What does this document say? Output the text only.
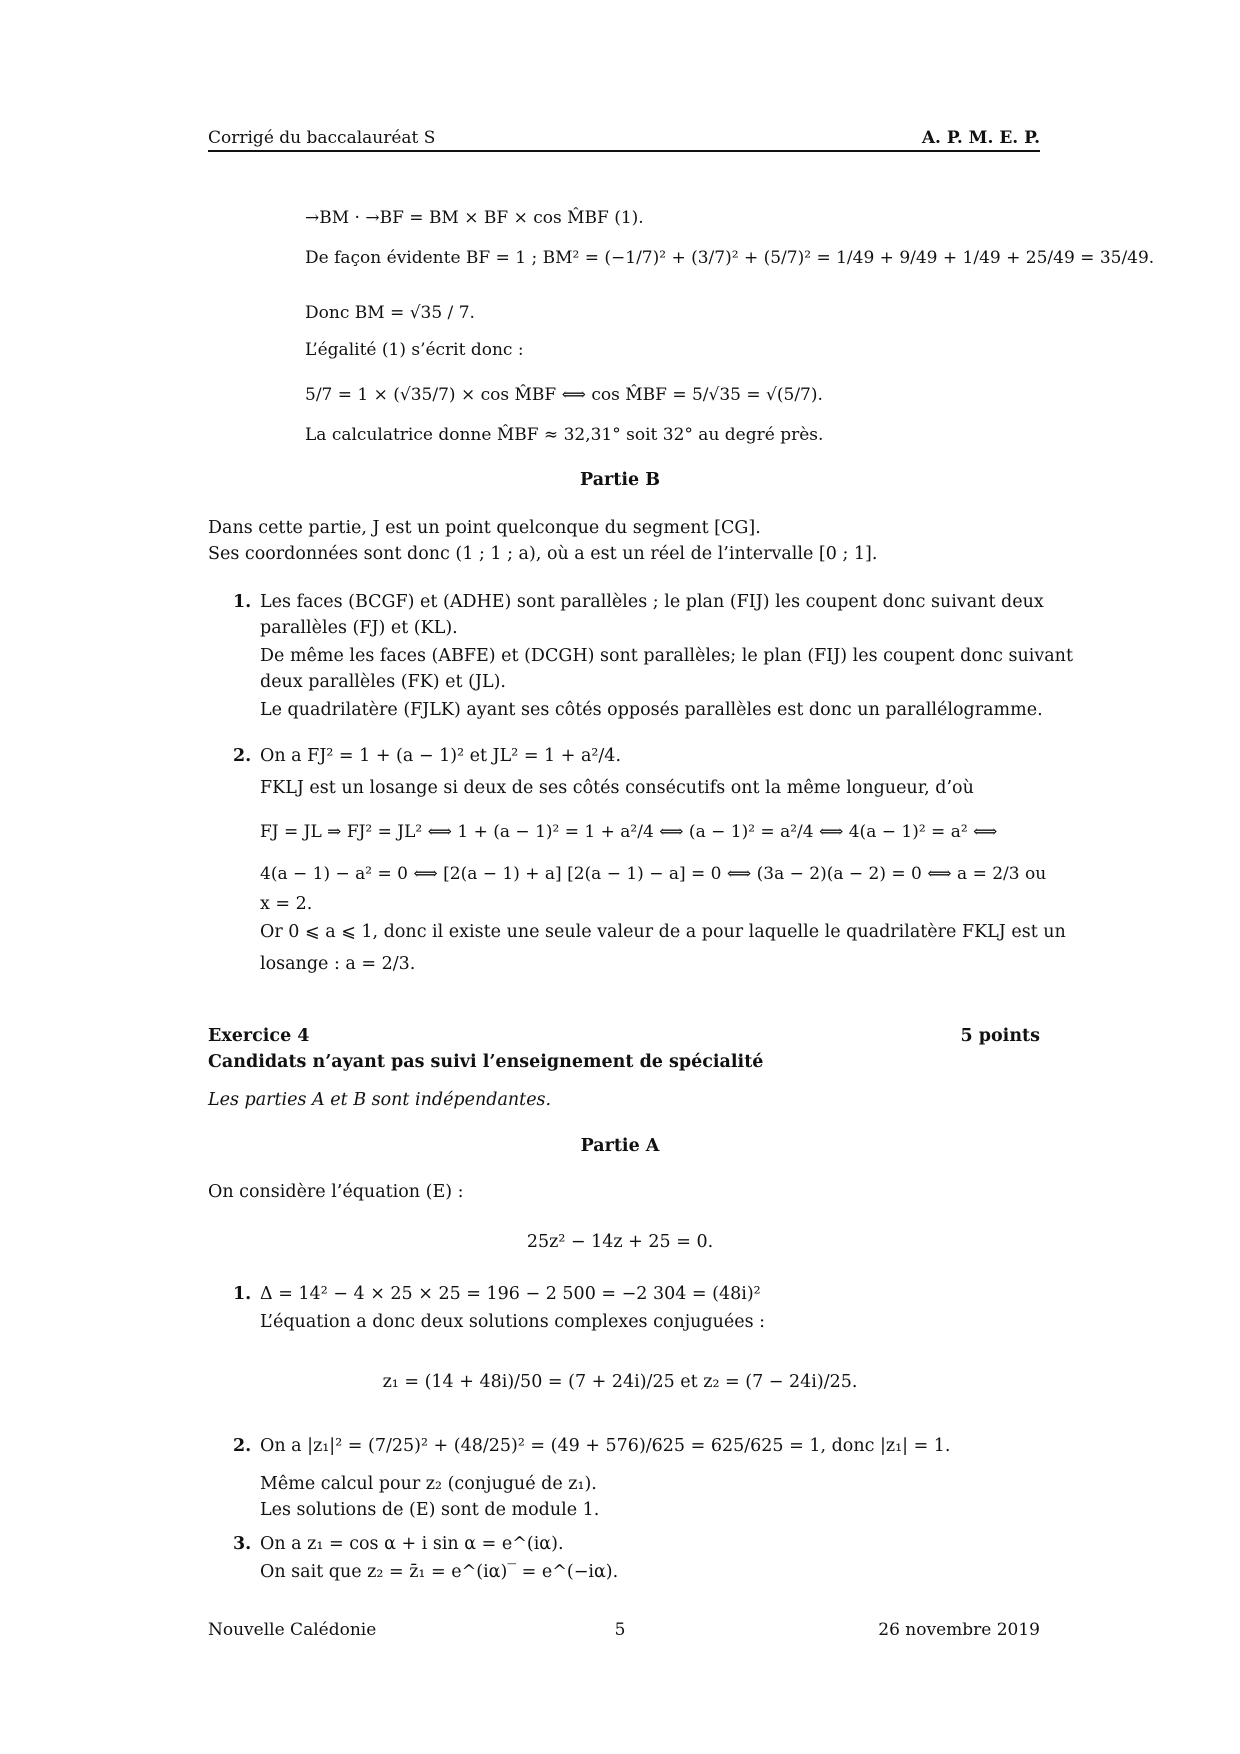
Corrigé du baccalauréat S	A. P. M. E. P.
→BM · →BF = BM × BF × cos M̂BF (1).
De façon évidente BF = 1 ; BM² = (−1/7)² + (3/7)² + (5/7)² = 1/49 + 9/49 + 1/49 + 25/49 = 35/49.
Donc BM = √35 / 7.
L’égalité (1) s’écrit donc :
5/7 = 1 × (√35/7) × cos M̂BF ⟺ cos M̂BF = 5/√35 = √(5/7).
La calculatrice donne M̂BF ≈ 32,31° soit 32° au degré près.
Partie B
Dans cette partie, J est un point quelconque du segment [CG].
Ses coordonnées sont donc (1 ; 1 ; a), où a est un réel de l’intervalle [0 ; 1].
1. Les faces (BCGF) et (ADHE) sont parallèles ; le plan (FIJ) les coupent donc suivant deux
parallèles (FJ) et (KL).
De même les faces (ABFE) et (DCGH) sont parallèles; le plan (FIJ) les coupent donc suivant
deux parallèles (FK) et (JL).
Le quadrilatère (FJLK) ayant ses côtés opposés parallèles est donc un parallélogramme.
2. On a FJ² = 1 + (a − 1)² et JL² = 1 + a²/4.
FKLJ est un losange si deux de ses côtés consécutifs ont la même longueur, d’où
FJ = JL ⇒ FJ² = JL² ⟺ 1 + (a − 1)² = 1 + a²/4 ⟺ (a − 1)² = a²/4 ⟺ 4(a − 1)² = a² ⟺
4(a − 1) − a² = 0 ⟺ [2(a − 1) + a] [2(a − 1) − a] = 0 ⟺ (3a − 2)(a − 2) = 0 ⟺ a = 2/3 ou
x = 2.
Or 0 ⩽ a ⩽ 1, donc il existe une seule valeur de a pour laquelle le quadrilatère FKLJ est un
losange : a = 2/3.
Exercice 4	5 points
Candidats n’ayant pas suivi l’enseignement de spécialité
Les parties A et B sont indépendantes.
Partie A
On considère l’équation (E) :
25z² − 14z + 25 = 0.
1. Δ = 14² − 4 × 25 × 25 = 196 − 2 500 = −2 304 = (48i)²
L’équation a donc deux solutions complexes conjuguées :
z₁ = (14 + 48i)/50 = (7 + 24i)/25 et z₂ = (7 − 24i)/25.
2. On a |z₁|² = (7/25)² + (48/25)² = (49 + 576)/625 = 625/625 = 1, donc |z₁| = 1.
Même calcul pour z₂ (conjugué de z₁).
Les solutions de (E) sont de module 1.
3. On a z₁ = cos α + i sin α = e^(iα).
On sait que z₂ = z̄₁ = e^(iα)‾ = e^(−iα).
Nouvelle Calédonie	5	26 novembre 2019
